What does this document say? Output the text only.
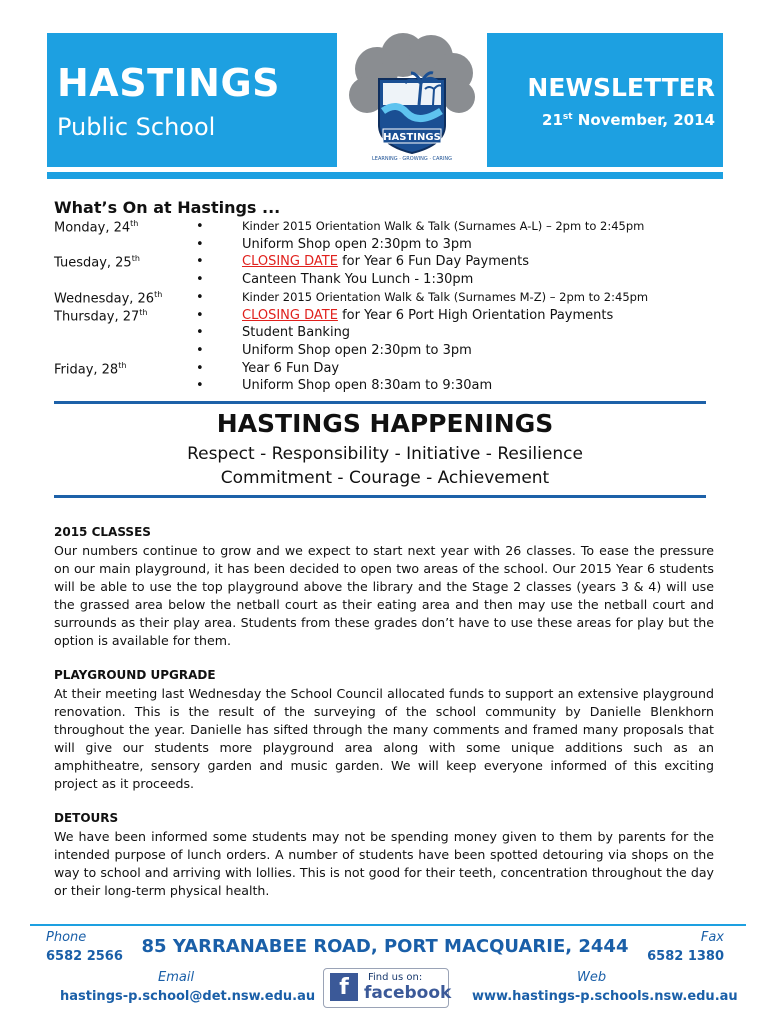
HASTINGS
Public School	HASTINGS
LEARNING · GROWING · CARING
NEWSLETTER
21st November, 2014
What’s On at Hastings ...
Monday, 24th	•	Kinder 2015 Orientation Walk & Talk (Surnames A-L) – 2pm to 2:45pm
•	Uniform Shop open 2:30pm to 3pm
Tuesday, 25th	•	CLOSING DATE for Year 6 Fun Day Payments
•	Canteen Thank You Lunch - 1:30pm
Wednesday, 26th	•	Kinder 2015 Orientation Walk & Talk (Surnames M-Z) – 2pm to 2:45pm
Thursday, 27th	•	CLOSING DATE for Year 6 Port High Orientation Payments
•	Student Banking
•	Uniform Shop open 2:30pm to 3pm
Friday, 28th	•	Year 6 Fun Day
•	Uniform Shop open 8:30am to 9:30am
HASTINGS HAPPENINGS
Respect - Responsibility - Initiative - Resilience
Commitment - Courage - Achievement
2015 CLASSES

Our numbers continue to grow and we expect to start next year with 26 classes. To ease the pressure on our main playground, it has been decided to open two areas of the school. Our 2015 Year 6 students will be able to use the top playground above the library and the Stage 2 classes (years 3 & 4) will use the grassed area below the netball court as their eating area and then may use the netball court and surrounds as their play area. Students from these grades don’t have to use these areas for play but the option is available for them.

PLAYGROUND UPGRADE

At their meeting last Wednesday the School Council allocated funds to support an extensive playground renovation. This is the result of the surveying of the school community by Danielle Blenkhorn throughout the year. Danielle has sifted through the many comments and framed many proposals that will give our students more playground area along with some unique additions such as an amphitheatre, sensory garden and music garden. We will keep everyone informed of this exciting project as it proceeds.

DETOURS

We have been informed some students may not be spending money given to them by parents for the intended purpose of lunch orders. A number of students have been spotted detouring via shops on the way to school and arriving with lollies. This is not good for their teeth, concentration throughout the day or their long-term physical health.

Phone
6582 2566	85 YARRANABEE ROAD, PORT MACQUARIE, 2444	Fax
6582 1380
Email
hastings-p.school@det.nsw.edu.au	f	Find us on:
facebook
Web
www.hastings-p.schools.nsw.edu.au
